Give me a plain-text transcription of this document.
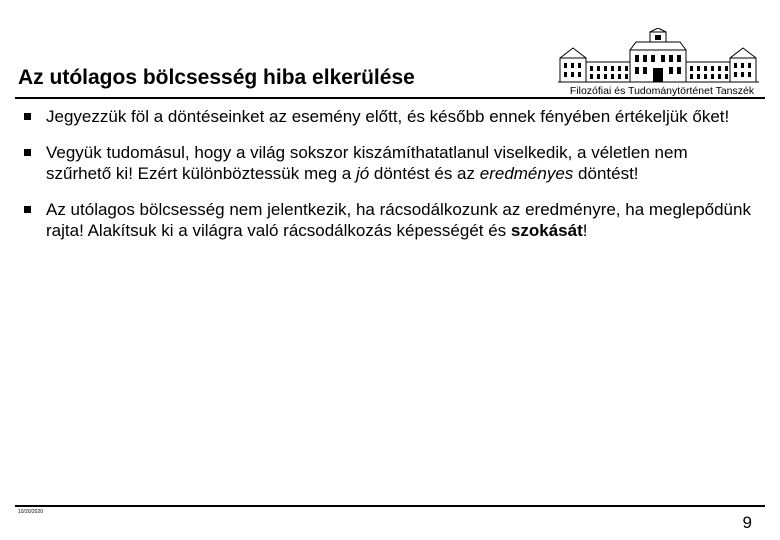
Az utólagos bölcsesség hiba elkerülése
Filozófiai és Tudománytörténet Tanszék
Jegyezzük föl a döntéseinket az esemény előtt, és később ennek fényében értékeljük őket!
Vegyük tudomásul, hogy a világ sokszor kiszámíthatatlanul viselkedik, a véletlen nem szűrhető ki! Ezért különböztessük meg a jó döntést és az eredményes döntést!
Az utólagos bölcsesség nem jelentkezik, ha rácsodálkozunk az eredményre, ha meglepődünk rajta! Alakítsuk ki a világra való rácsodálkozás képességét és szokását!
10/20/2020
9
